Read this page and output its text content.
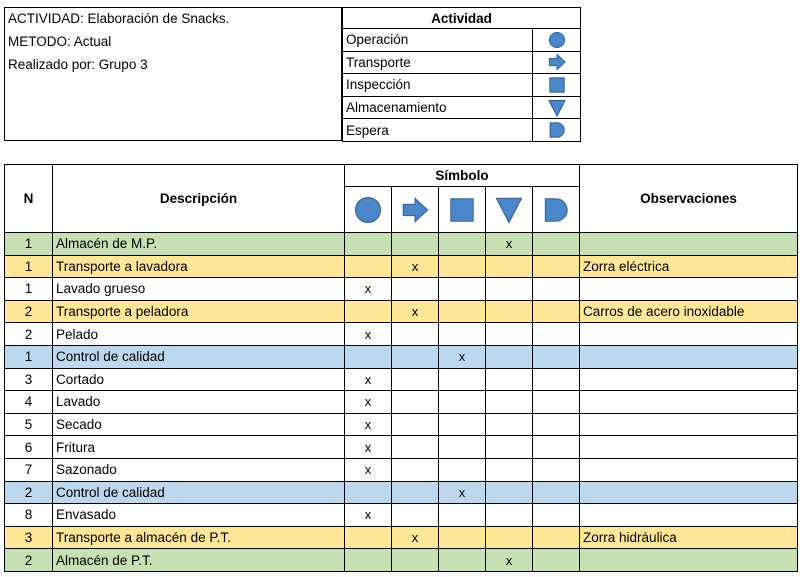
ACTIVIDAD: Elaboración de Snacks.
METODO: Actual
Realizado por: Grupo 3
Actividad	
Operación	

Transporte	

Inspección	

Almacenamiento	

Espera	
N	Descripción	Símbolo					Observaciones

1	Almacén de M.P.				x		
1	Transporte a lavadora		x				Zorra eléctrica
1	Lavado grueso	x					
2	Transporte a peladora		x				Carros de acero inoxidable
2	Pelado	x					
1	Control de calidad			x			
3	Cortado	x					
4	Lavado	x					
5	Secado	x					
6	Fritura	x					
7	Sazonado	x					
2	Control de calidad			x			
8	Envasado	x					
3	Transporte a almacén de P.T.		x				Zorra hidráulica
2	Almacén de P.T.				x		
